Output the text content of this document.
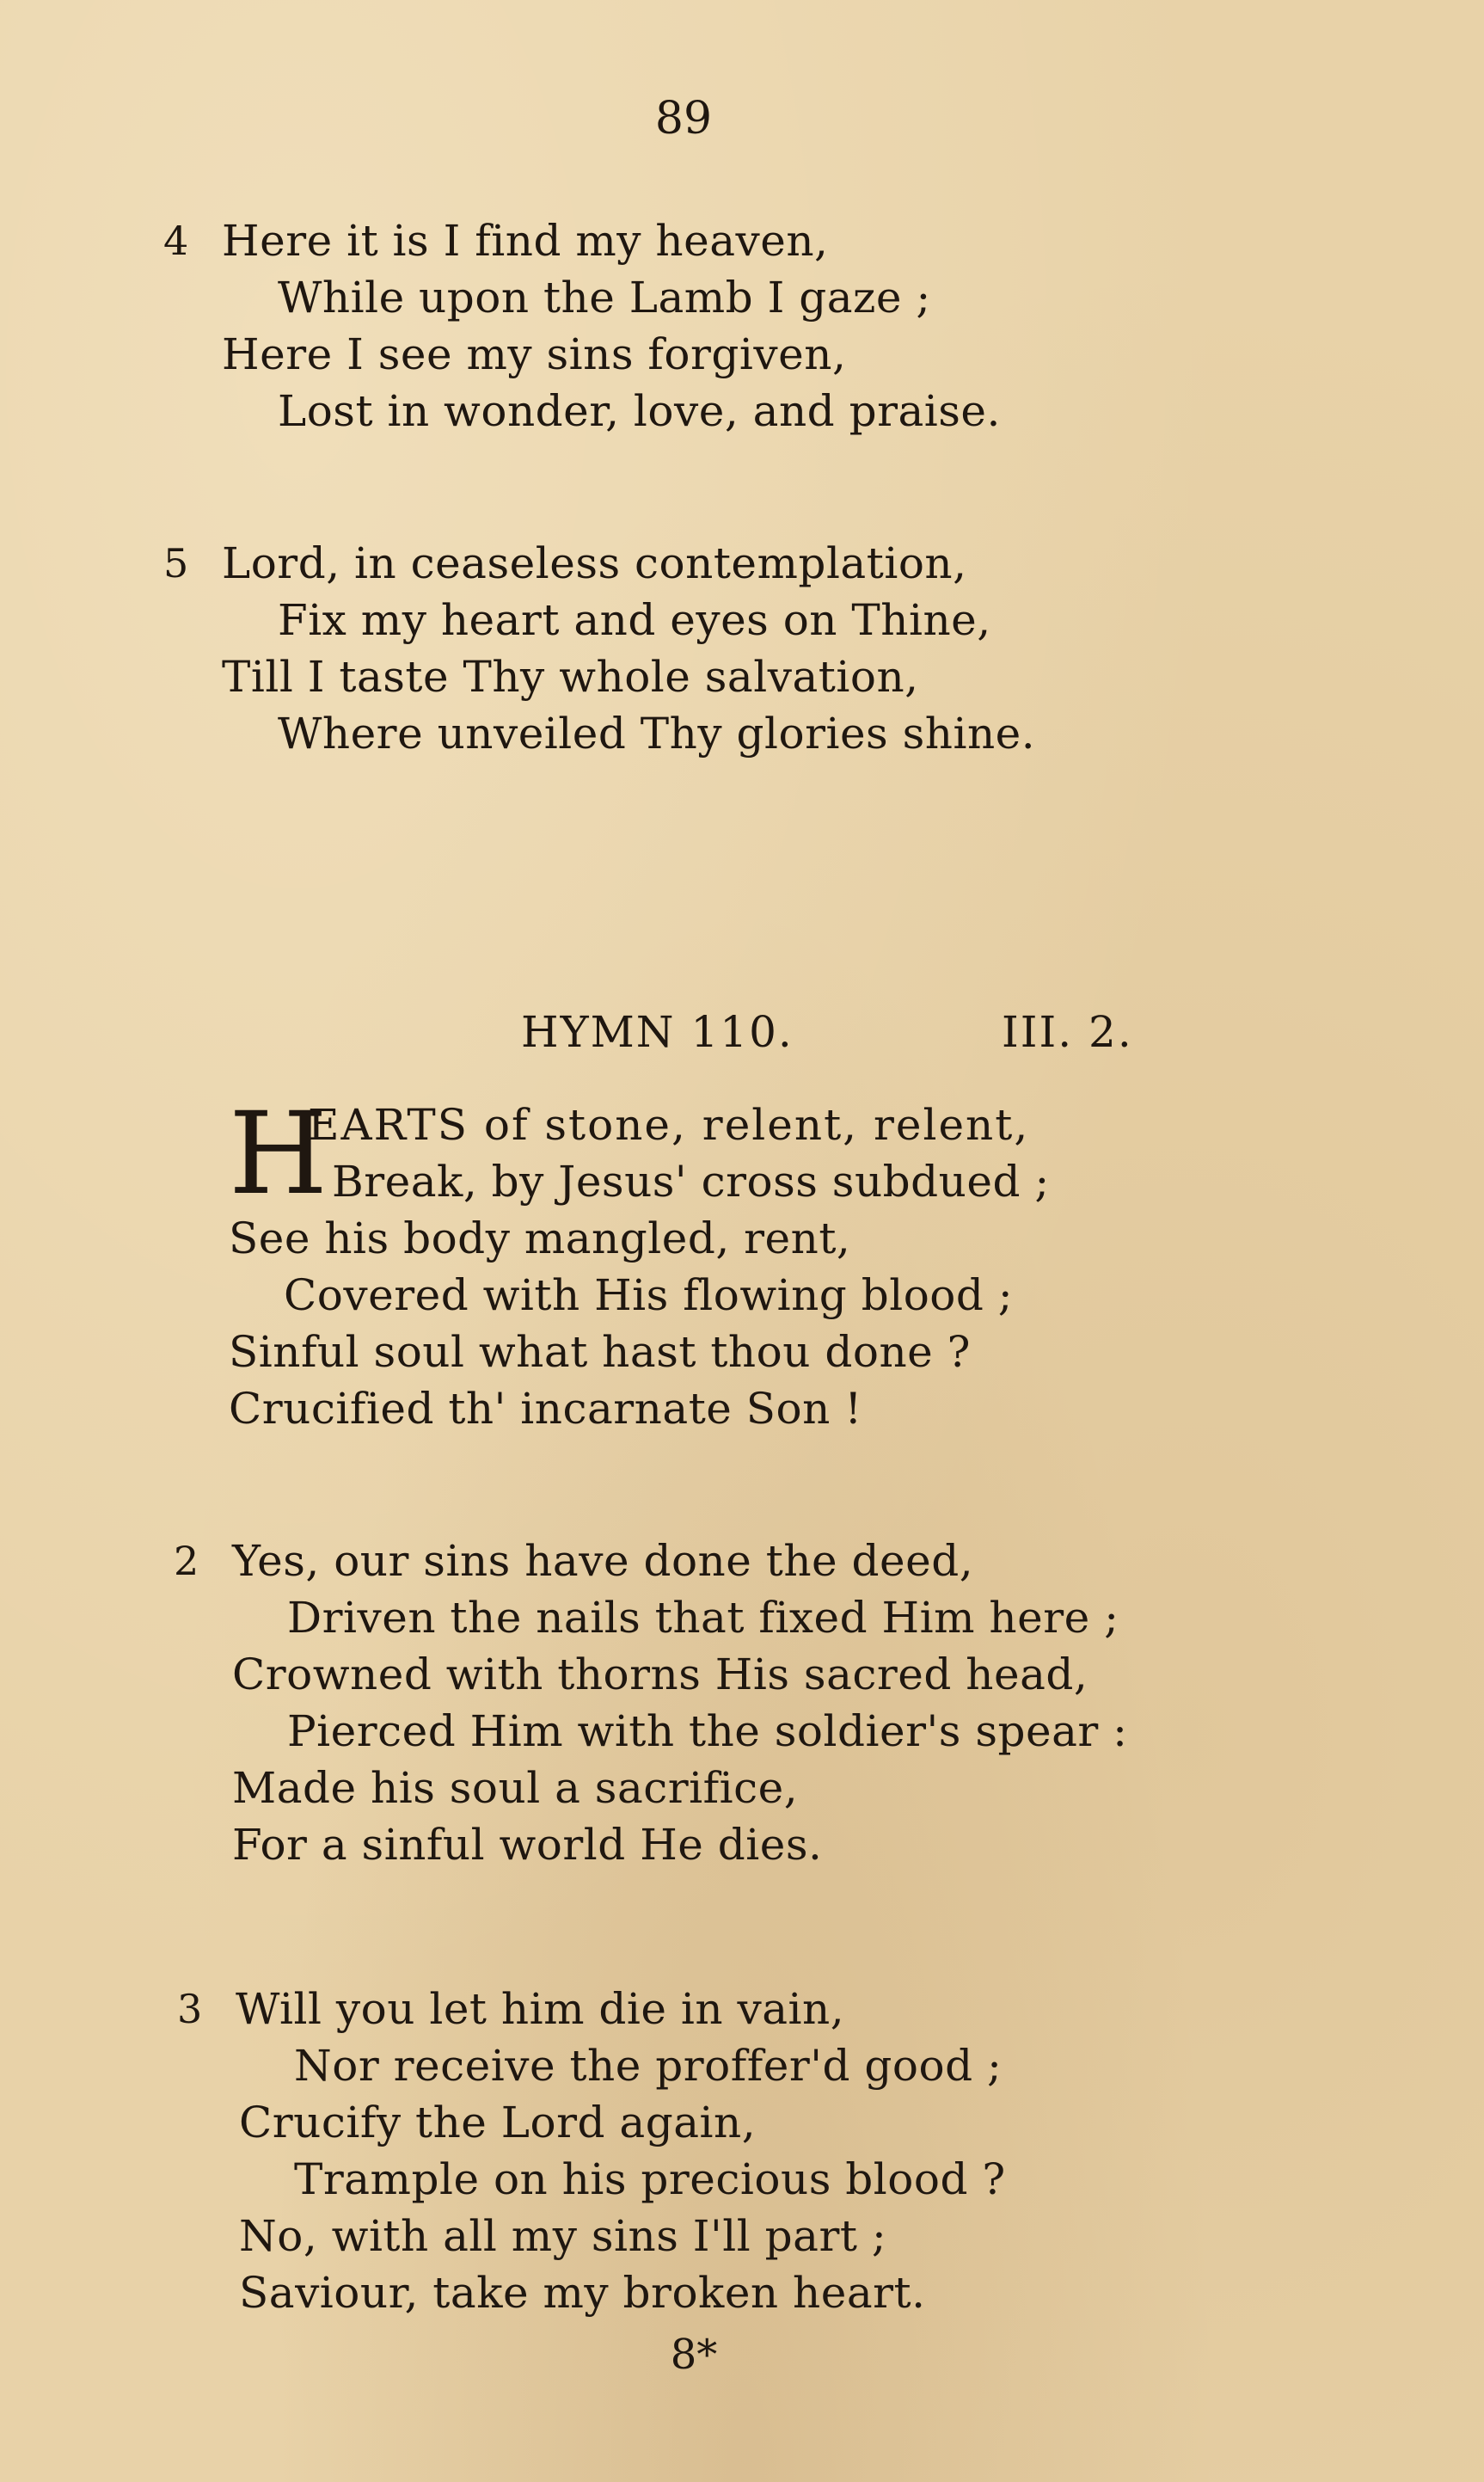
89
4 Here it is I find my heaven,
While upon the Lamb I gaze ;
Here I see my sins forgiven,
Lost in wonder, love, and praise.
5 Lord, in ceaseless contemplation,
Fix my heart and eyes on Thine,
Till I taste Thy whole salvation,
Where unveiled Thy glories shine.
HYMN 110.	III. 2.
H
EARTS of stone, relent, relent,
Break, by Jesus' cross subdued ;
See his body mangled, rent,
Covered with His flowing blood ;
Sinful soul what hast thou done ?
Crucified th' incarnate Son !
2 Yes, our sins have done the deed,
Driven the nails that fixed Him here ;
Crowned with thorns His sacred head,
Pierced Him with the soldier's spear :
Made his soul a sacrifice,
For a sinful world He dies.
3 Will you let him die in vain,
Nor receive the proffer'd good ;
Crucify the Lord again,
Trample on his precious blood ?
No, with all my sins I'll part ;
Saviour, take my broken heart.
8*
